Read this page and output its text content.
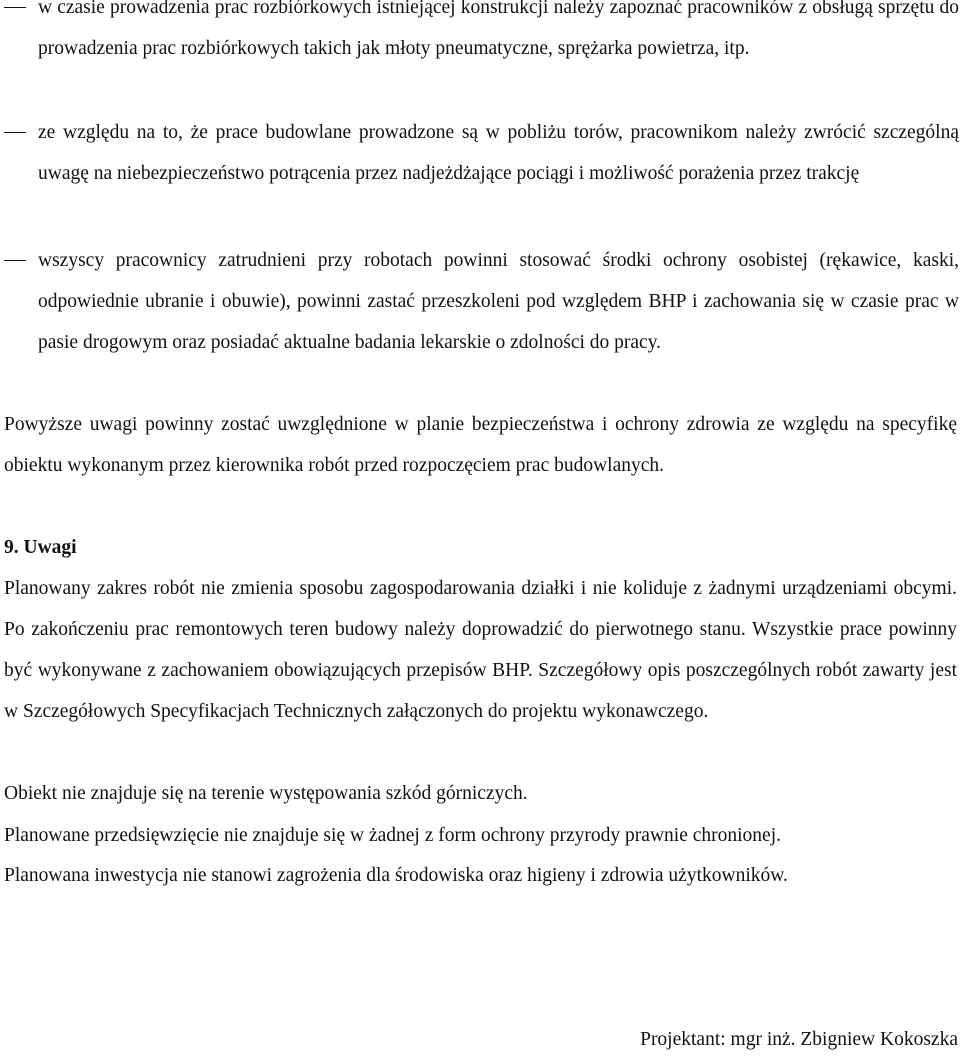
w czasie prowadzenia prac rozbiórkowych istniejącej konstrukcji należy zapoznać pracowników z obsługą sprzętu do prowadzenia prac rozbiórkowych takich jak młoty pneumatyczne, sprężarka powietrza, itp.
ze względu na to, że prace budowlane prowadzone są w pobliżu torów, pracownikom należy zwrócić szczególną uwagę na niebezpieczeństwo potrącenia przez nadjeżdżające pociągi i możliwość porażenia przez trakcję
wszyscy pracownicy zatrudnieni przy robotach powinni stosować środki ochrony osobistej (rękawice, kaski, odpowiednie ubranie i obuwie), powinni zastać przeszkoleni pod względem BHP i zachowania się w czasie prac w pasie drogowym oraz posiadać aktualne badania lekarskie o zdolności do pracy.
Powyższe uwagi powinny zostać uwzględnione w planie bezpieczeństwa i ochrony zdrowia ze względu na specyfikę obiektu wykonanym przez kierownika robót przed rozpoczęciem prac budowlanych.
9. Uwagi
Planowany zakres robót nie zmienia sposobu zagospodarowania działki i nie koliduje z żadnymi urządzeniami obcymi. Po zakończeniu prac remontowych teren budowy należy doprowadzić do pierwotnego stanu. Wszystkie prace powinny być wykonywane z zachowaniem obowiązujących przepisów BHP. Szczegółowy opis poszczególnych robót zawarty jest w Szczegółowych Specyfikacjach Technicznych załączonych do projektu wykonawczego.
Obiekt nie znajduje się na terenie występowania szkód górniczych.
Planowane przedsięwzięcie nie znajduje się w żadnej z form ochrony przyrody prawnie chronionej.
Planowana inwestycja nie stanowi zagrożenia dla środowiska oraz higieny i zdrowia użytkowników.
Projektant: mgr inż. Zbigniew Kokoszka
